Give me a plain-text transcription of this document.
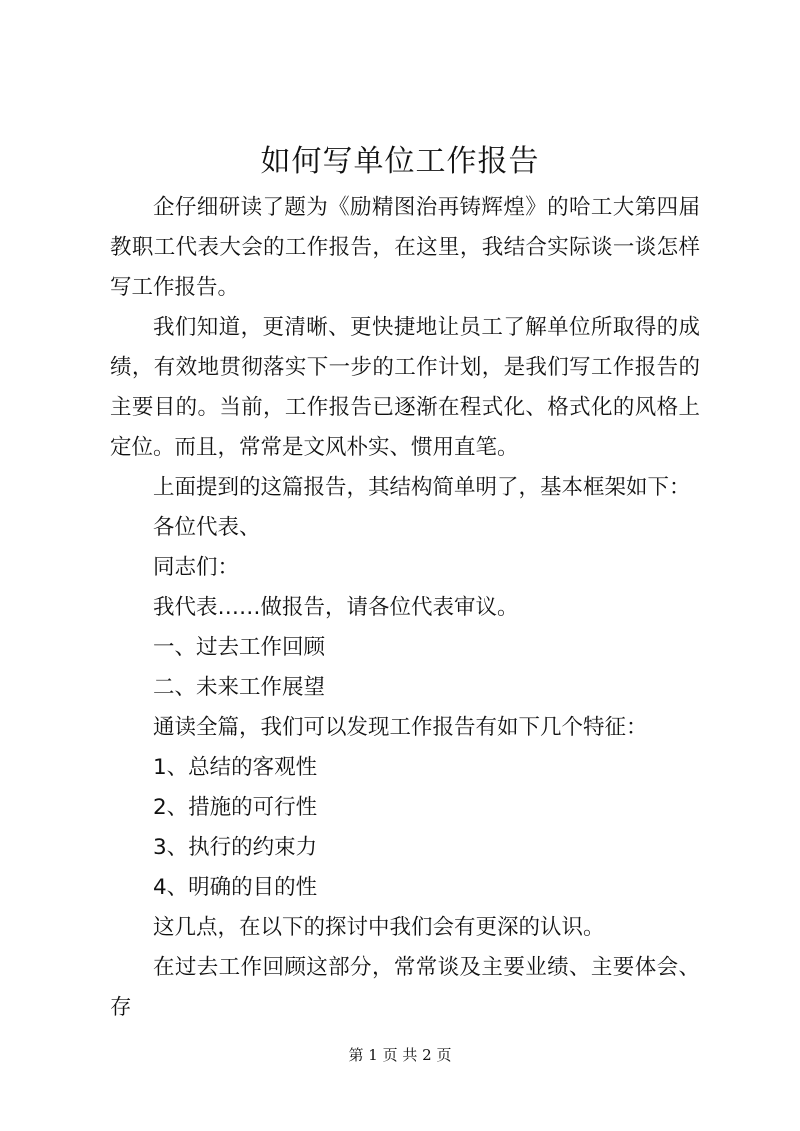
如何写单位工作报告

企仔细研读了题为《励精图治再铸辉煌》的哈工大第四届教职工代表大会的工作报告，在这里，我结合实际谈一谈怎样写工作报告。

我们知道，更清晰、更快捷地让员工了解单位所取得的成绩，有效地贯彻落实下一步的工作计划，是我们写工作报告的主要目的。当前，工作报告已逐渐在程式化、格式化的风格上定位。而且，常常是文风朴实、惯用直笔。

上面提到的这篇报告，其结构简单明了，基本框架如下：

各位代表、

同志们：

我代表……做报告，请各位代表审议。

一、过去工作回顾

二、未来工作展望

通读全篇，我们可以发现工作报告有如下几个特征：

1、总结的客观性

2、措施的可行性

3、执行的约束力

4、明确的目的性

这几点，在以下的探讨中我们会有更深的认识。

在过去工作回顾这部分，常常谈及主要业绩、主要体会、存

第 1 页 共 2 页
